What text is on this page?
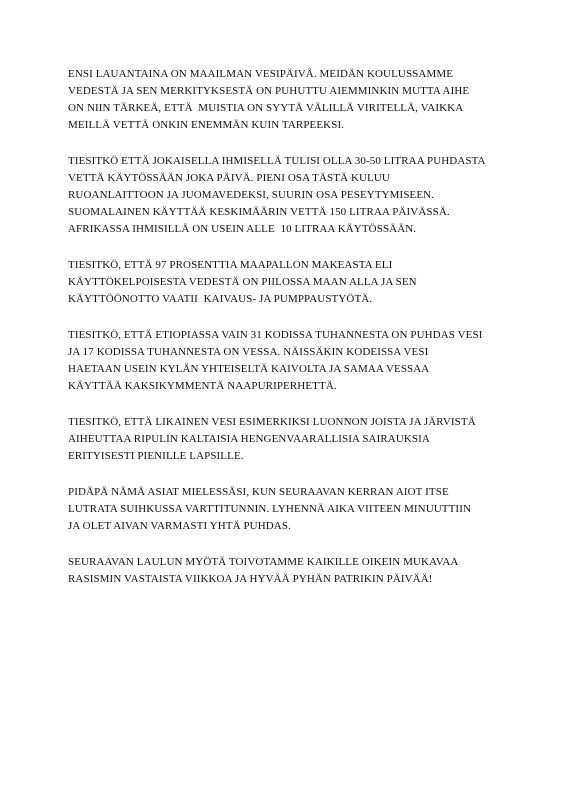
ENSI LAUANTAINA ON MAAILMAN VESIPÄIVÄ. MEIDÄN KOULUSSAMME
VEDESTÄ JA SEN MERKITYKSESTÄ ON PUHUTTU AIEMMINKIN MUTTA AIHE
ON NIIN TÄRKEÄ, ETTÄ  MUISTIA ON SYYTÄ VÄLILLÄ VIRITELLÄ, VAIKKA
MEILLÄ VETTÄ ONKIN ENEMMÄN KUIN TARPEEKSI.

TIESITKÖ ETTÄ JOKAISELLA IHMISELLÄ TULISI OLLA 30-50 LITRAA PUHDASTA
VETTÄ KÄYTÖSSÄÄN JOKA PÄIVÄ. PIENI OSA TÄSTÄ KULUU
RUOANLAITTOON JA JUOMAVEDEKSI, SUURIN OSA PESEYTYMISEEN.
SUOMALAINEN KÄYTTÄÄ KESKIMÄÄRIN VETTÄ 150 LITRAA PÄIVÄSSÄ.
AFRIKASSA IHMISILLÄ ON USEIN ALLE  10 LITRAA KÄYTÖSSÄÄN.

TIESITKÖ, ETTÄ 97 PROSENTTIA MAAPALLON MAKEASTA ELI
KÄYTTÖKELPOISESTA VEDESTÄ ON PIILOSSA MAAN ALLA JA SEN
KÄYTTÖÖNOTTO VAATII  KAIVAUS- JA PUMPPAUSTYÖTÄ.

TIESITKÖ, ETTÄ ETIOPIASSA VAIN 31 KODISSA TUHANNESTA ON PUHDAS VESI
JA 17 KODISSA TUHANNESTA ON VESSA. NÄISSÄKIN KODEISSA VESI
HAETAAN USEIN KYLÄN YHTEISELTÄ KAIVOLTA JA SAMAA VESSAA
KÄYTTÄÄ KAKSIKYMMENTÄ NAAPURIPERHETTÄ.

TIESITKÖ, ETTÄ LIKAINEN VESI ESIMERKIKSI LUONNON JOISTA JA JÄRVISTÄ
AIHEUTTAA RIPULIN KALTAISIA HENGENVAARALLISIA SAIRAUKSIA
ERITYISESTI PIENILLE LAPSILLE.

PIDÄPÄ NÄMÄ ASIAT MIELESSÄSI, KUN SEURAAVAN KERRAN AIOT ITSE
LUTRATA SUIHKUSSA VARTTITUNNIN. LYHENNÄ AIKA VIITEEN MINUUTTIIN
JA OLET AIVAN VARMASTI YHTÄ PUHDAS.

SEURAAVAN LAULUN MYÖTÄ TOIVOTAMME KAIKILLE OIKEIN MUKAVAA
RASISMIN VASTAISTA VIIKKOA JA HYVÄÄ PYHÄN PATRIKIN PÄIVÄÄ!
